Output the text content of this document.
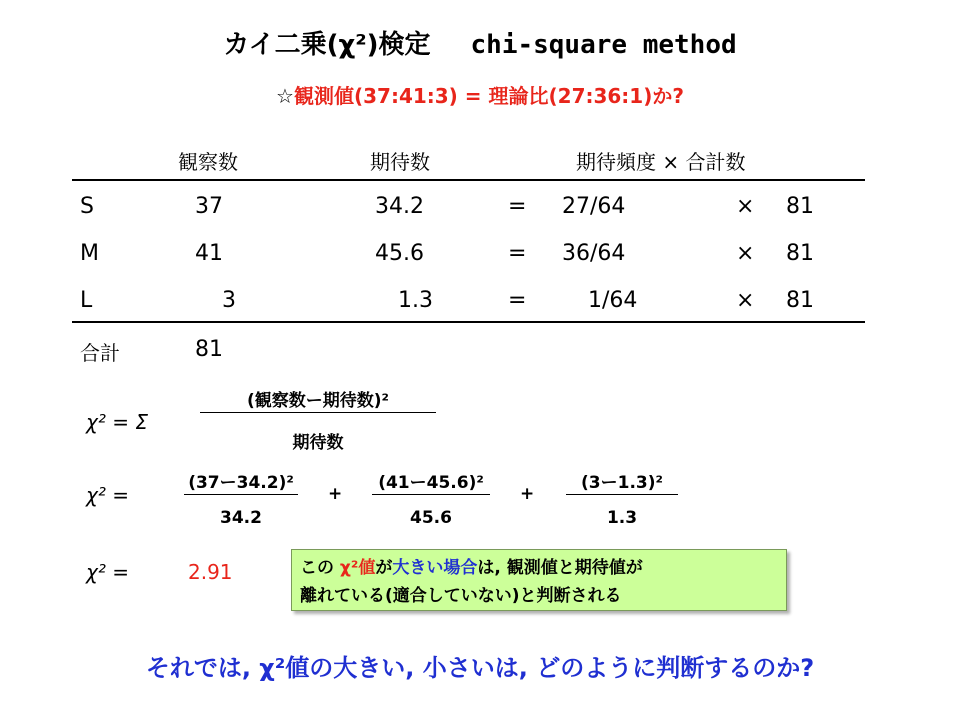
カイ二乗(χ²)検定 chi-square method
☆観測値(37:41:3) = 理論比(27:36:1)か?
観察数	期待数	期待頻度 × 合計数
S	37	34.2	= 27/64	× 81
M	41	45.6	= 36/64	× 81
L	3	1.3	=	1/64	× 81
合計	81
χ² = Σ
(観察数ー期待数)²
期待数
χ² =	(37ー34.2)²
34.2
+
(41ー45.6)²
45.6
+
(3ー1.3)²
1.3
χ² =	2.91	この χ²値が大きい場合は, 観測値と期待値が
離れている(適合していない)と判断される
それでは, χ²値の大きい, 小さいは, どのように判断するのか?
